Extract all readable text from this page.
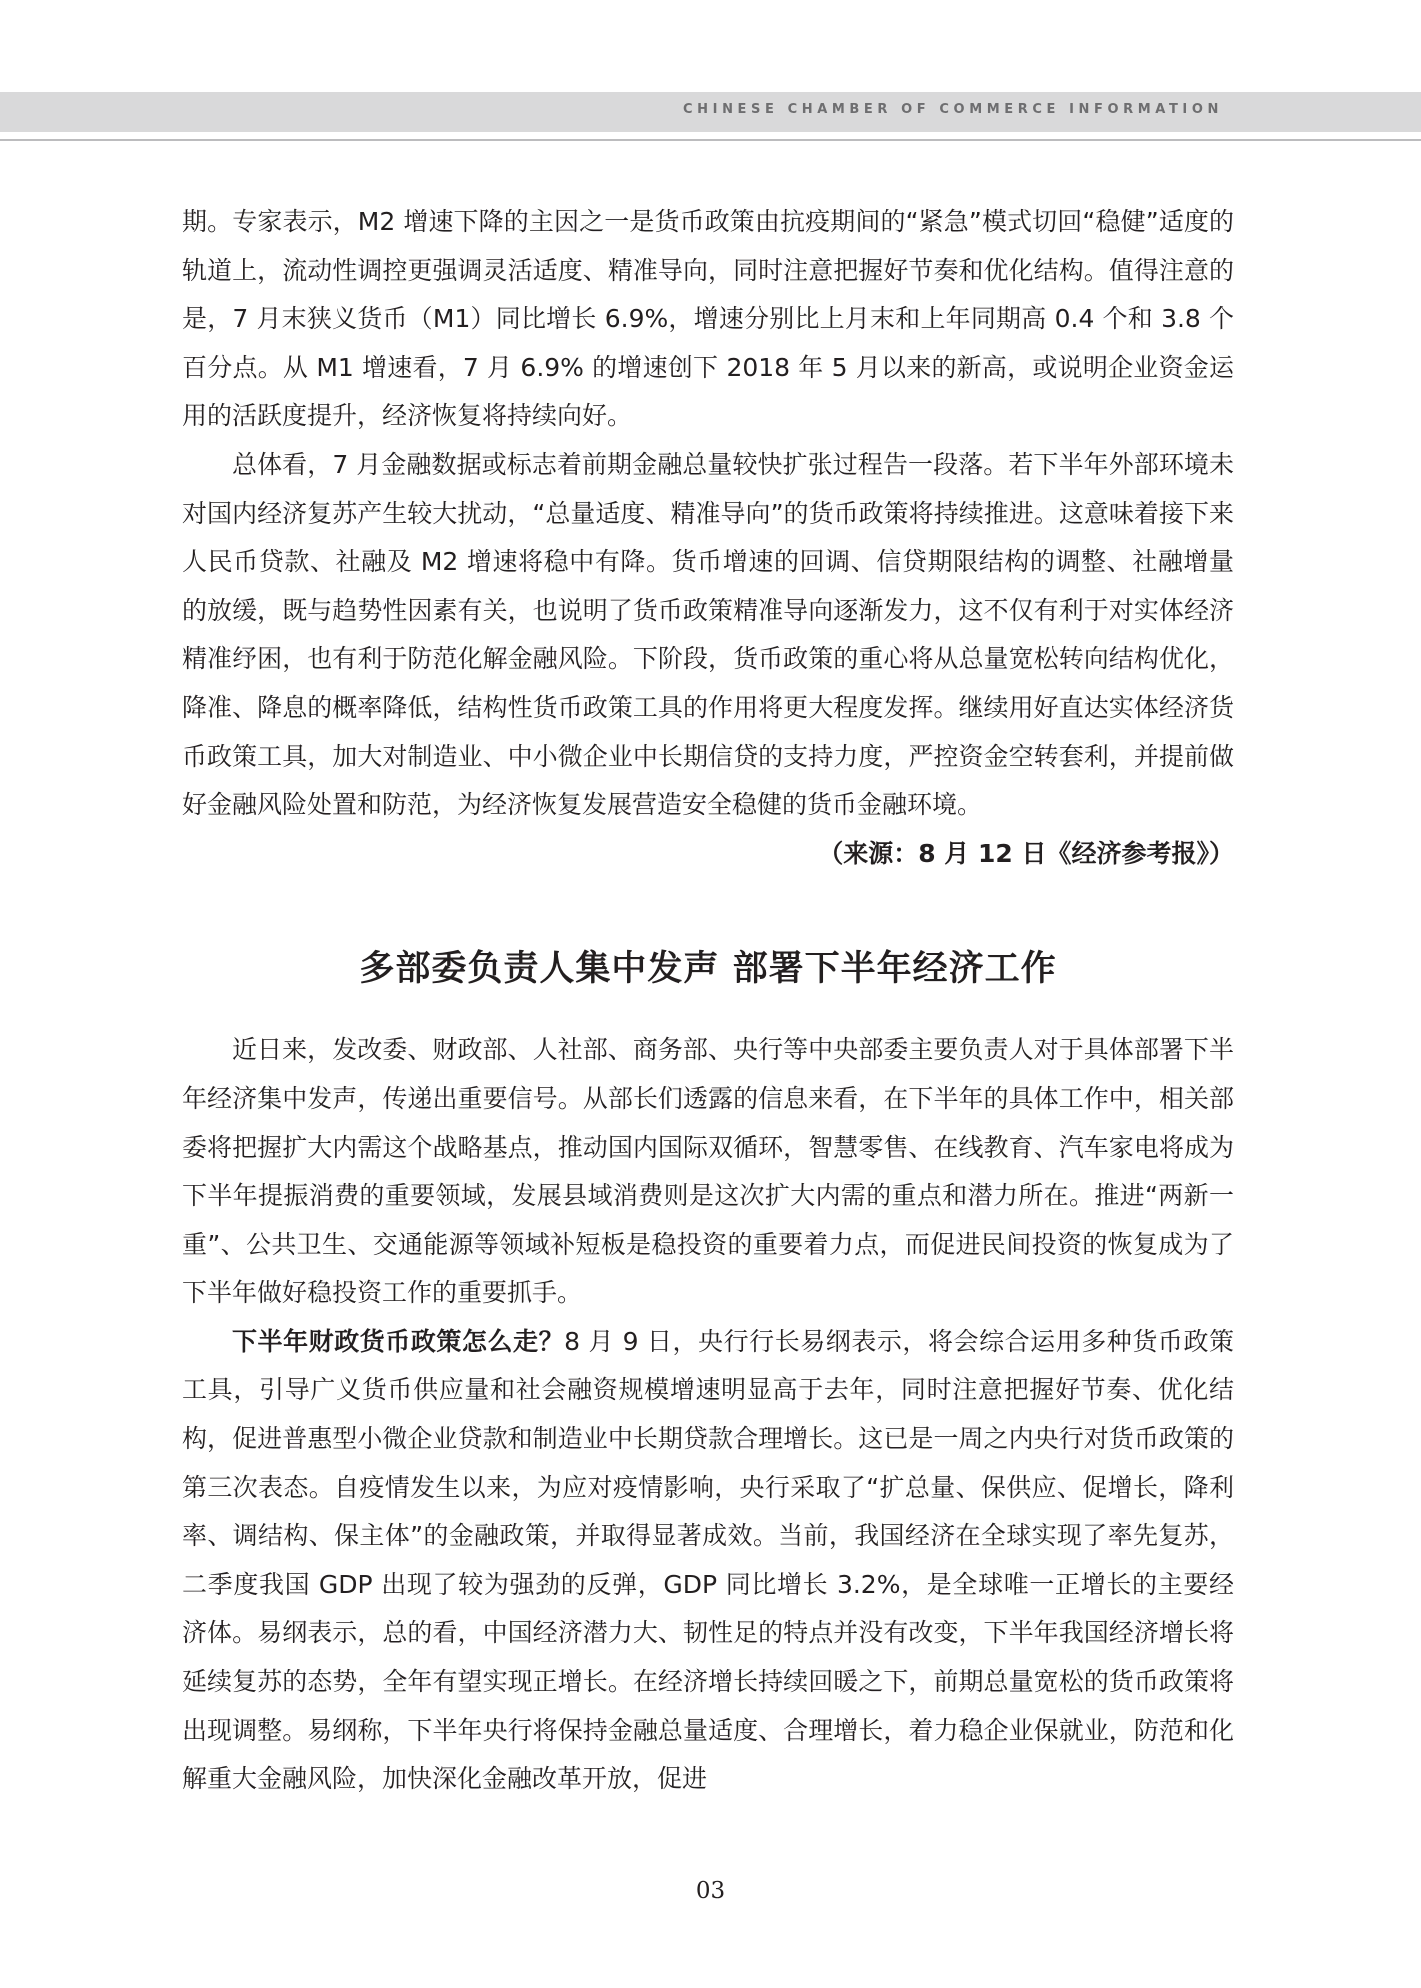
CHINESE CHAMBER OF COMMERCE INFORMATION

期。专家表示，M2 增速下降的主因之一是货币政策由抗疫期间的“紧急”模式切回“稳健”适度的轨道上，流动性调控更强调灵活适度、精准导向，同时注意把握好节奏和优化结构。值得注意的是，7 月末狭义货币（M1）同比增长 6.9%，增速分别比上月末和上年同期高 0.4 个和 3.8 个百分点。从 M1 增速看，7 月 6.9% 的增速创下 2018 年 5 月以来的新高，或说明企业资金运用的活跃度提升，经济恢复将持续向好。

总体看，7 月金融数据或标志着前期金融总量较快扩张过程告一段落。若下半年外部环境未对国内经济复苏产生较大扰动，“总量适度、精准导向”的货币政策将持续推进。这意味着接下来人民币贷款、社融及 M2 增速将稳中有降。货币增速的回调、信贷期限结构的调整、社融增量的放缓，既与趋势性因素有关，也说明了货币政策精准导向逐渐发力，这不仅有利于对实体经济精准纾困，也有利于防范化解金融风险。下阶段，货币政策的重心将从总量宽松转向结构优化，降准、降息的概率降低，结构性货币政策工具的作用将更大程度发挥。继续用好直达实体经济货币政策工具，加大对制造业、中小微企业中长期信贷的支持力度，严控资金空转套利，并提前做好金融风险处置和防范，为经济恢复发展营造安全稳健的货币金融环境。
（来源：8 月 12 日《经济参考报》）

多部委负责人集中发声 部署下半年经济工作

近日来，发改委、财政部、人社部、商务部、央行等中央部委主要负责人对于具体部署下半年经济集中发声，传递出重要信号。从部长们透露的信息来看，在下半年的具体工作中，相关部委将把握扩大内需这个战略基点，推动国内国际双循环，智慧零售、在线教育、汽车家电将成为下半年提振消费的重要领域，发展县域消费则是这次扩大内需的重点和潜力所在。推进“两新一重”、公共卫生、交通能源等领域补短板是稳投资的重要着力点，而促进民间投资的恢复成为了下半年做好稳投资工作的重要抓手。

下半年财政货币政策怎么走？8 月 9 日，央行行长易纲表示，将会综合运用多种货币政策工具，引导广义货币供应量和社会融资规模增速明显高于去年，同时注意把握好节奏、优化结构，促进普惠型小微企业贷款和制造业中长期贷款合理增长。这已是一周之内央行对货币政策的第三次表态。自疫情发生以来，为应对疫情影响，央行采取了“扩总量、保供应、促增长，降利率、调结构、保主体”的金融政策，并取得显著成效。当前，我国经济在全球实现了率先复苏，二季度我国 GDP 出现了较为强劲的反弹，GDP 同比增长 3.2%，是全球唯一正增长的主要经济体。易纲表示，总的看，中国经济潜力大、韧性足的特点并没有改变，下半年我国经济增长将延续复苏的态势，全年有望实现正增长。在经济增长持续回暖之下，前期总量宽松的货币政策将出现调整。易纲称，下半年央行将保持金融总量适度、合理增长，着力稳企业保就业，防范和化解重大金融风险，加快深化金融改革开放，促进

03
